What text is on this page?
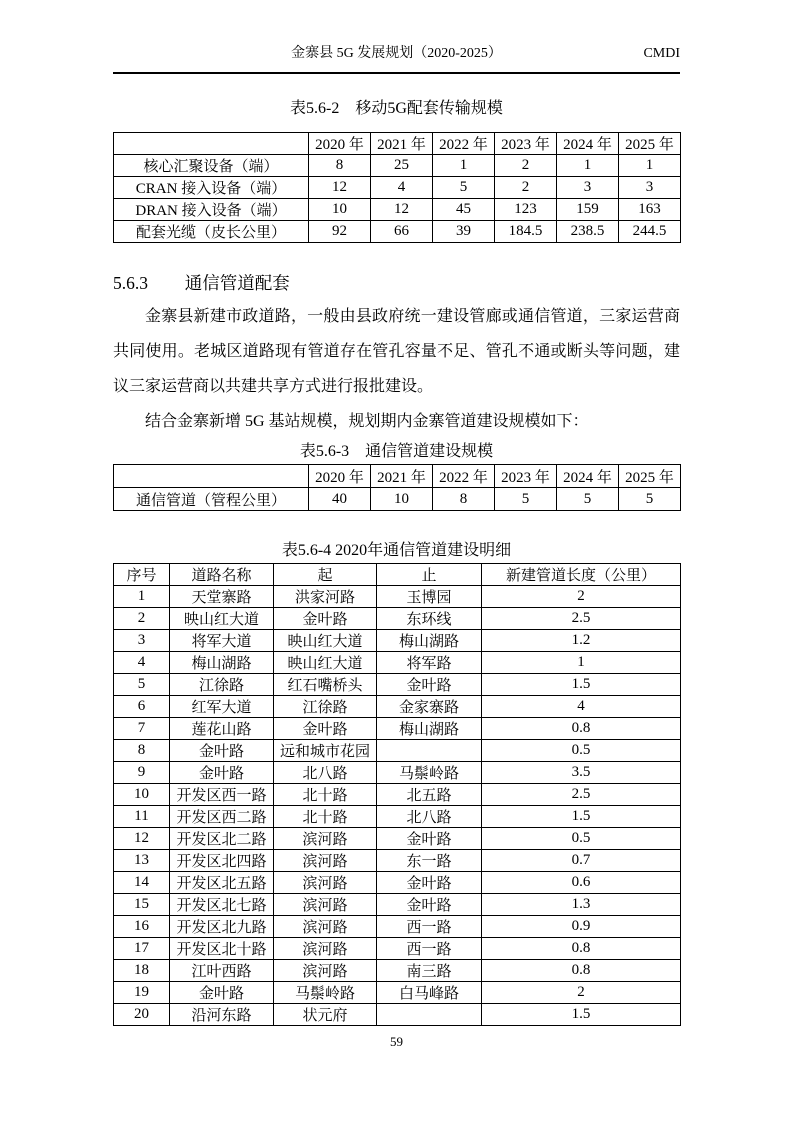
金寨县 5G 发展规划（2020-2025）	CMDI
表5.6-2　移动5G配套传输规模
	2020 年	2021 年	2022 年	2023 年	2024 年	2025 年
核心汇聚设备（端）	8	25	1	2	1	1
CRAN 接入设备（端）	12	4	5	2	3	3
DRAN 接入设备（端）	10	12	45	123	159	163
配套光缆（皮长公里）	92	66	39	184.5	238.5	244.5
5.6.3 通信管道配套

金寨县新建市政道路，一般由县政府统一建设管廊或通信管道，三家运营商共同使用。老城区道路现有管道存在管孔容量不足、管孔不通或断头等问题，建议三家运营商以共建共享方式进行报批建设。

结合金寨新增 5G 基站规模，规划期内金寨管道建设规模如下：

表5.6-3　通信管道建设规模
	2020 年	2021 年	2022 年	2023 年	2024 年	2025 年
通信管道（管程公里）	40	10	8	5	5	5
表5.6-4 2020年通信管道建设明细
序号	道路名称	起	止	新建管道长度（公里）
1	天堂寨路	洪家河路	玉博园	2
2	映山红大道	金叶路	东环线	2.5
3	将军大道	映山红大道	梅山湖路	1.2
4	梅山湖路	映山红大道	将军路	1
5	江徐路	红石嘴桥头	金叶路	1.5
6	红军大道	江徐路	金家寨路	4
7	莲花山路	金叶路	梅山湖路	0.8
8	金叶路	远和城市花园		0.5
9	金叶路	北八路	马鬃岭路	3.5
10	开发区西一路	北十路	北五路	2.5
11	开发区西二路	北十路	北八路	1.5
12	开发区北二路	滨河路	金叶路	0.5
13	开发区北四路	滨河路	东一路	0.7
14	开发区北五路	滨河路	金叶路	0.6
15	开发区北七路	滨河路	金叶路	1.3
16	开发区北九路	滨河路	西一路	0.9
17	开发区北十路	滨河路	西一路	0.8
18	江叶西路	滨河路	南三路	0.8
19	金叶路	马鬃岭路	白马峰路	2
20	沿河东路	状元府		1.5
59
